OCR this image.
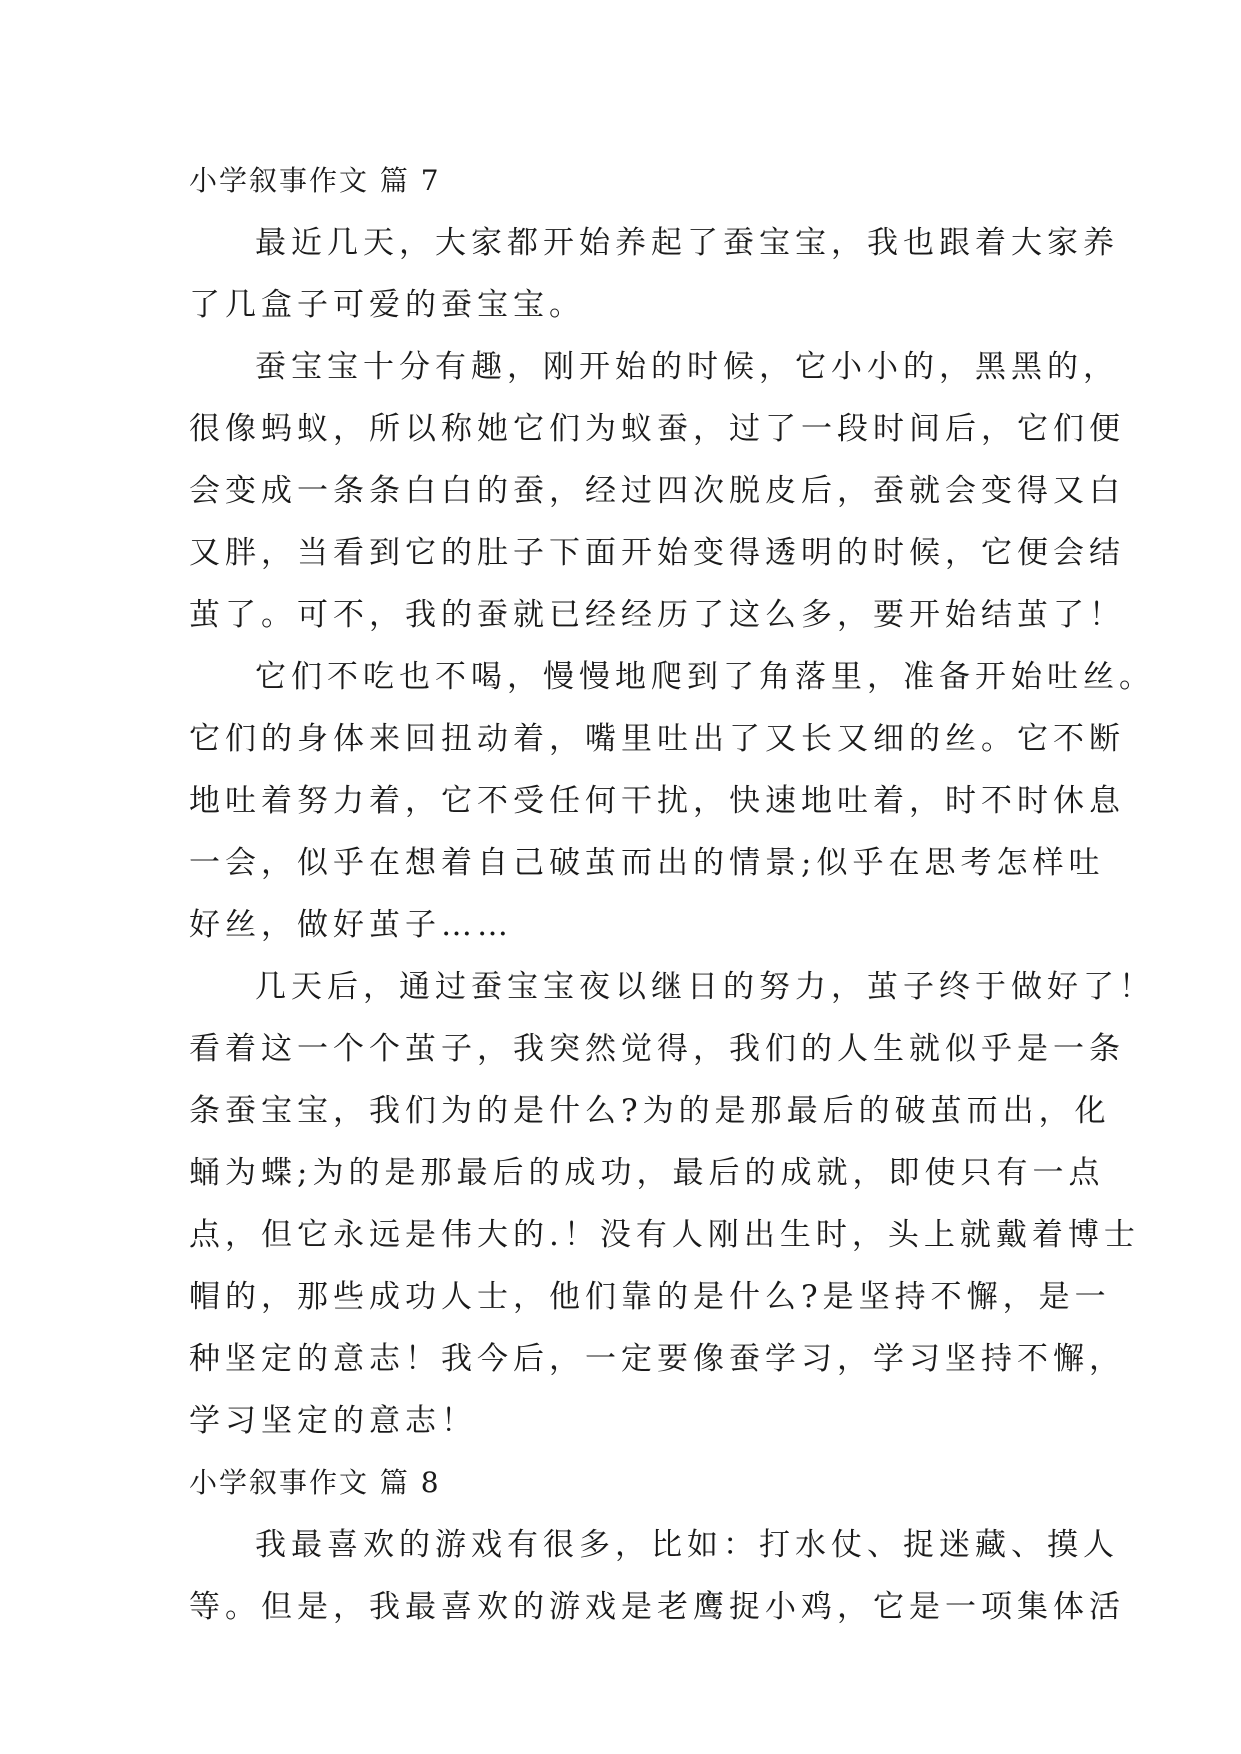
小学叙事作文 篇 7

最近几天，大家都开始养起了蚕宝宝，我也跟着大家养

了几盒子可爱的蚕宝宝。

蚕宝宝十分有趣，刚开始的时候，它小小的，黑黑的，

很像蚂蚁，所以称她它们为蚁蚕，过了一段时间后，它们便

会变成一条条白白的蚕，经过四次脱皮后，蚕就会变得又白

又胖，当看到它的肚子下面开始变得透明的时候，它便会结

茧了。可不，我的蚕就已经经历了这么多，要开始结茧了！

它们不吃也不喝，慢慢地爬到了角落里，准备开始吐丝。

它们的身体来回扭动着，嘴里吐出了又长又细的丝。它不断

地吐着努力着，它不受任何干扰，快速地吐着，时不时休息

一会，似乎在想着自己破茧而出的情景;似乎在思考怎样吐

好丝，做好茧子……

几天后，通过蚕宝宝夜以继日的努力，茧子终于做好了！

看着这一个个茧子，我突然觉得，我们的人生就似乎是一条

条蚕宝宝，我们为的是什么?为的是那最后的破茧而出，化

蛹为蝶;为的是那最后的成功，最后的成就，即使只有一点

点，但它永远是伟大的.！没有人刚出生时，头上就戴着博士

帽的，那些成功人士，他们靠的是什么?是坚持不懈，是一

种坚定的意志！我今后，一定要像蚕学习，学习坚持不懈，

学习坚定的意志！

小学叙事作文 篇 8

我最喜欢的游戏有很多，比如：打水仗、捉迷藏、摸人

等。但是，我最喜欢的游戏是老鹰捉小鸡，它是一项集体活
